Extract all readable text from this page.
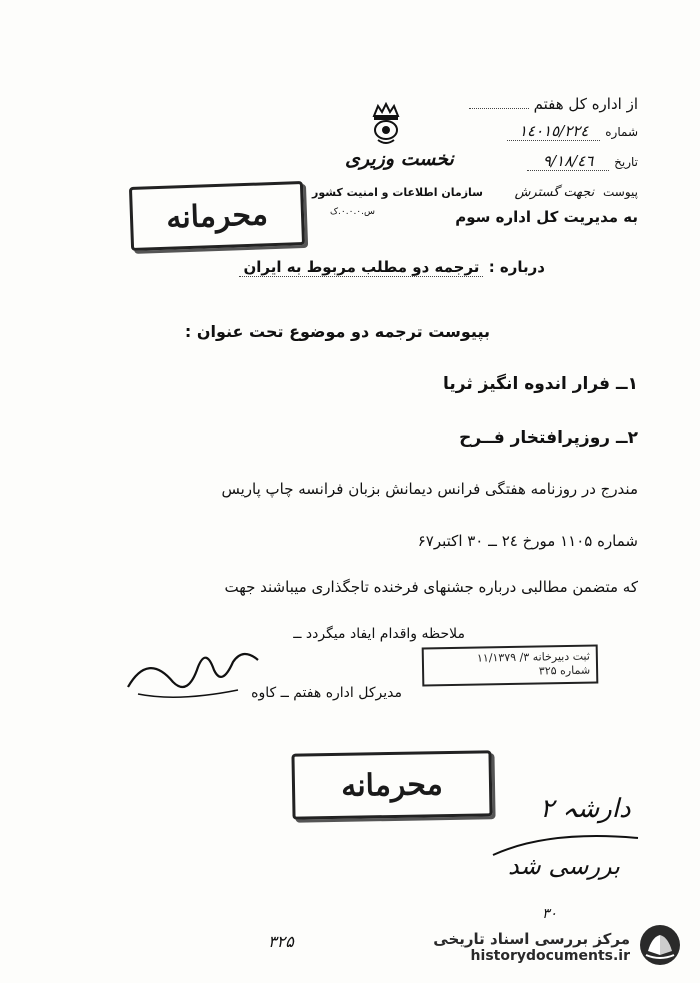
نخست وزیری
سازمان اطلاعات و امنیت کشور
س.۰.۰.۰.ک
از اداره کل هفتم
شماره ۲۲٤/۱٤۰۱٥
تاریخ ٤٦/۹/۱۸
پیوست نجهت گسترش
به مدیریت کل اداره سوم
درباره : ترجمه دو مطلب مربوط به ایران
محرمانه
بپیوست ترجمه دو موضوع تحت عنوان :
۱ــ فرار اندوه انگیز ثریا
۲ــ روزپرافتخار فــرح
مندرج در روزنامه هفتگی فرانس دیمانش بزبان فرانسه چاپ پاریس
شماره ۱۱۰۵ مورخ ۲٤ ــ ۳۰ اکتبر۶۷
که متضمن مطالبی درباره جشنهای فرخنده تاجگذاری میباشند جهت
ملاحظه واقدام ایفاد میگردد ــ
ثبت دبیرخانه ۳/ ۱۱/۱۳۷۹
شماره ۳۲۵
مدیرکل اداره هفتم ــ کاوه
محرمانه
دارشہ ۲
بررسی شد
۳۰
۳۲۵	مرکز بررسی اسناد تاریخی
historydocuments.ir
